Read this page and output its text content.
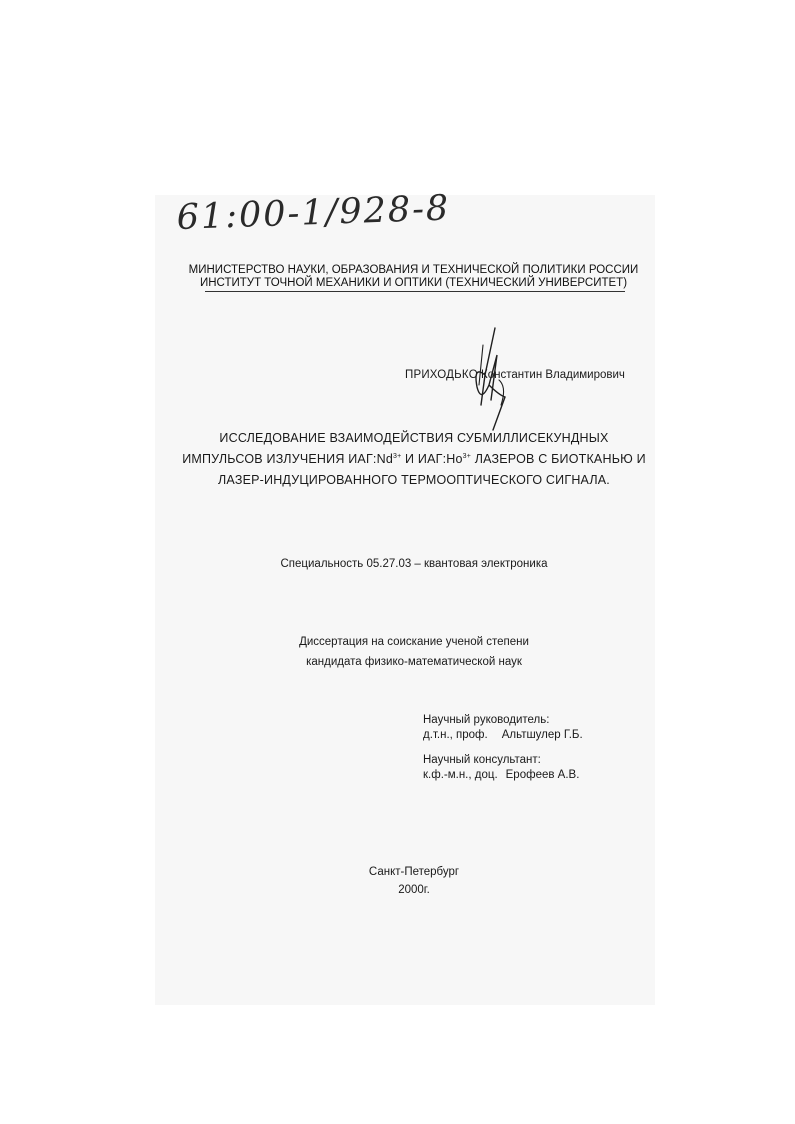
61:00-1/928-8
МИНИСТЕРСТВО НАУКИ, ОБРАЗОВАНИЯ И ТЕХНИЧЕСКОЙ ПОЛИТИКИ РОССИИ
ИНСТИТУТ ТОЧНОЙ МЕХАНИКИ И ОПТИКИ (ТЕХНИЧЕСКИЙ УНИВЕРСИТЕТ)
ПРИХОДЬКО Константин Владимирович
ИССЛЕДОВАНИЕ ВЗАИМОДЕЙСТВИЯ СУБМИЛЛИСЕКУНДНЫХ
ИМПУЛЬСОВ ИЗЛУЧЕНИЯ $ИАГ:Nd^{3+}$ И $ИАГ:Ho^{3+}$ ЛАЗЕРОВ С БИОТКАНЬЮ И
ЛАЗЕР-ИНДУЦИРОВАННОГО ТЕРМООПТИЧЕСКОГО СИГНАЛА.
Специальность 05.27.03 – квантовая электроника
Диссертация на соискание ученой степени
кандидата физико-математической наук
Научный руководитель:
д.т.н., проф. Альтшулер Г.Б.
Научный консультант:
к.ф.-м.н., доц. Ерофеев А.В.
Санкт-Петербург
2000г.
